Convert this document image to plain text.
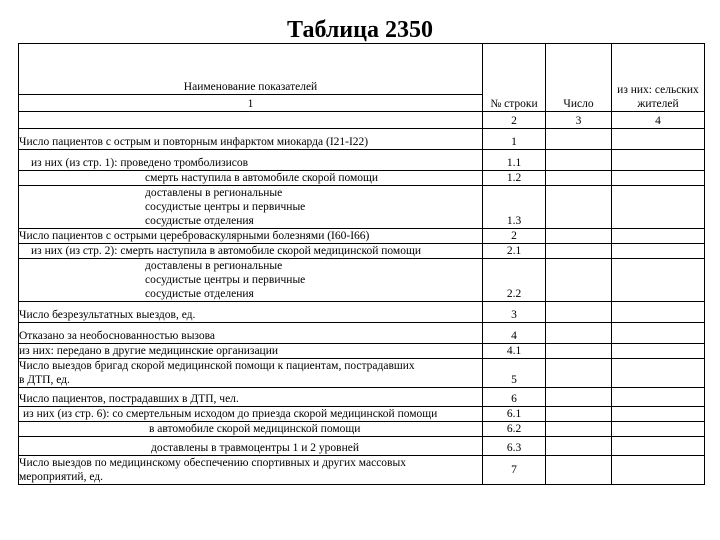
Таблица 2350
Наименование показателей	№ строки	Число	из них: сельских жителей
1			
	2	3	4
Число пациентов с острым и повторным инфарктом миокарда (I21-I22)	1		
из них (из стр. 1): проведено тромболизисов	1.1		
смерть наступила в автомобиле скорой помощи	1.2		
доставлены в региональные сосудистые центры и первичные сосудистые отделения	1.3		
Число пациентов с острыми цереброваскулярными болезнями (I60-I66)	2		
из них (из стр. 2): смерть наступила в автомобиле скорой медицинской помощи	2.1		
доставлены в региональные сосудистые центры и первичные сосудистые отделения	2.2		
Число безрезультатных выездов, ед.	3		
Отказано за необоснованностью вызова	4		
из них: передано в другие медицинские организации	4.1		
Число выездов бригад скорой медицинской помощи к пациентам, пострадавших в ДТП, ед.	5		
Число пациентов, пострадавших в ДТП, чел.	6		
из них (из стр. 6): со смертельным исходом до приезда скорой медицинской помощи	6.1		
в автомобиле скорой медицинской помощи	6.2		
доставлены в травмоцентры 1 и 2 уровней	6.3		
Число выездов по медицинскому обеспечению спортивных и других массовых мероприятий, ед.	7		
